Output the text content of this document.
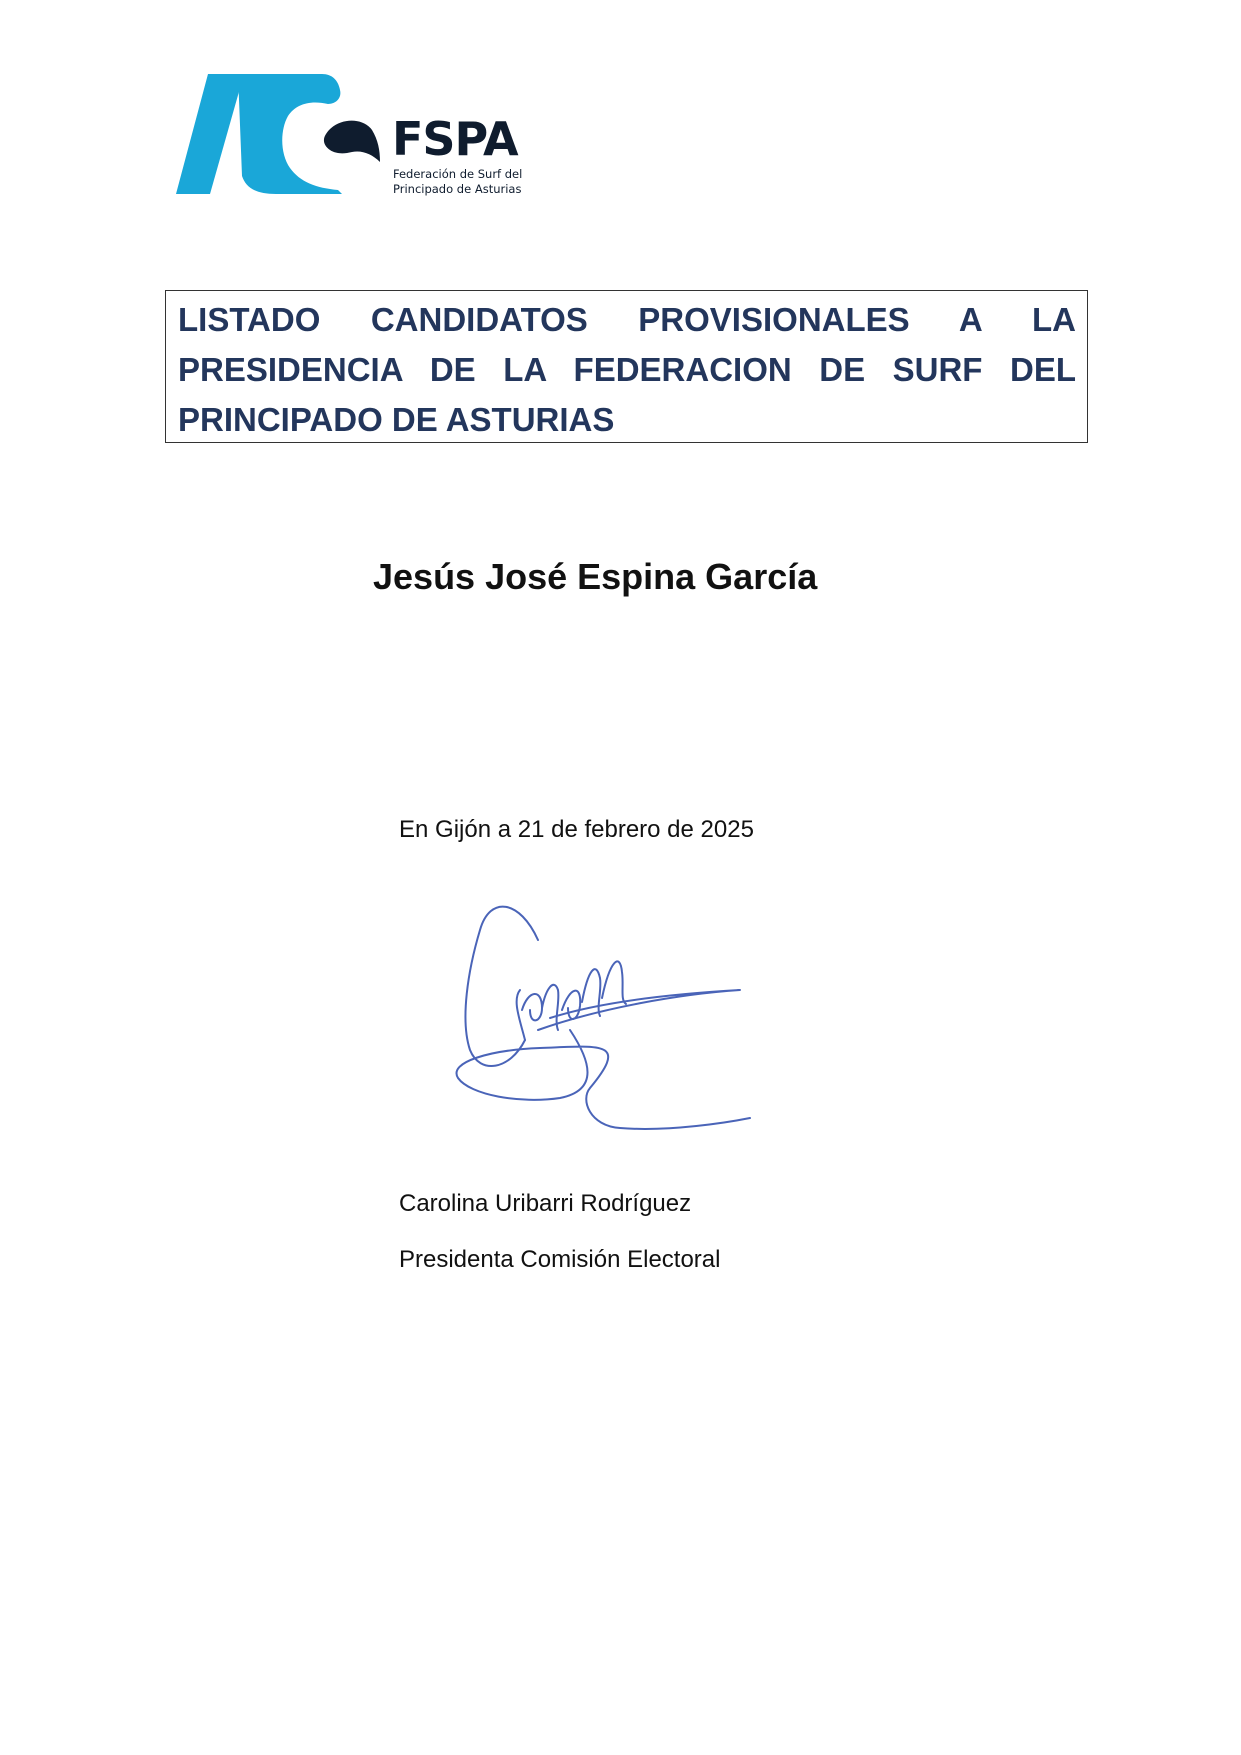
FSPA
Federación de Surf del
Principado de Asturias

LISTADO CANDIDATOS PROVISIONALES A LA PRESIDENCIA DE LA FEDERACION DE SURF DEL PRINCIPADO DE ASTURIAS

Jesús José Espina García
En Gijón a 21 de febrero de 2025
Carolina Uribarri Rodríguez
Presidenta Comisión Electoral
